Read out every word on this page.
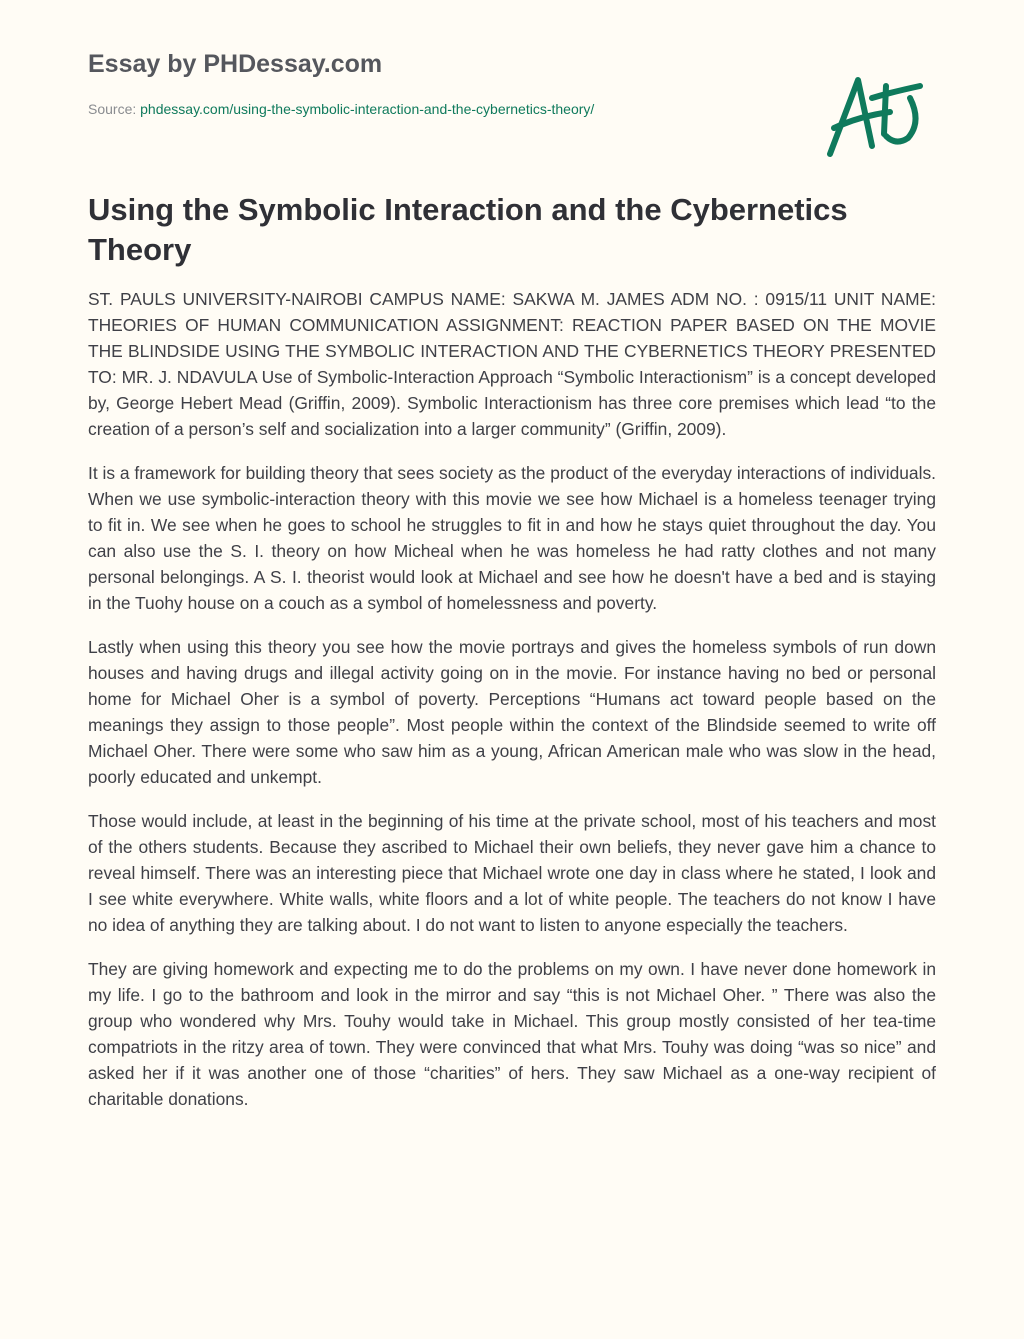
Essay by PHDessay.com
Source: phdessay.com/using-the-symbolic-interaction-and-the-cybernetics-theory/
Using the Symbolic Interaction and the Cybernetics Theory

ST. PAULS UNIVERSITY-NAIROBI CAMPUS NAME: SAKWA M. JAMES ADM NO. : 0915/11 UNIT NAME: THEORIES OF HUMAN COMMUNICATION ASSIGNMENT: REACTION PAPER BASED ON THE MOVIE THE BLINDSIDE USING THE SYMBOLIC INTERACTION AND THE CYBERNETICS THEORY PRESENTED TO: MR. J. NDAVULA Use of Symbolic-Interaction Approach “Symbolic Interactionism” is a concept developed by, George Hebert Mead (Griffin, 2009). Symbolic Interactionism has three core premises which lead “to the creation of a person’s self and socialization into a larger community” (Griffin, 2009).

It is a framework for building theory that sees society as the product of the everyday interactions of individuals. When we use symbolic-interaction theory with this movie we see how Michael is a homeless teenager trying to fit in. We see when he goes to school he struggles to fit in and how he stays quiet throughout the day. You can also use the S. I. theory on how Micheal when he was homeless he had ratty clothes and not many personal belongings. A S. I. theorist would look at Michael and see how he doesn't have a bed and is staying in the Tuohy house on a couch as a symbol of homelessness and poverty.

Lastly when using this theory you see how the movie portrays and gives the homeless symbols of run down houses and having drugs and illegal activity going on in the movie. For instance having no bed or personal home for Michael Oher is a symbol of poverty. Perceptions “Humans act toward people based on the meanings they assign to those people”. Most people within the context of the Blindside seemed to write off Michael Oher. There were some who saw him as a young, African American male who was slow in the head, poorly educated and unkempt.

Those would include, at least in the beginning of his time at the private school, most of his teachers and most of the others students. Because they ascribed to Michael their own beliefs, they never gave him a chance to reveal himself. There was an interesting piece that Michael wrote one day in class where he stated, I look and I see white everywhere. White walls, white floors and a lot of white people. The teachers do not know I have no idea of anything they are talking about. I do not want to listen to anyone especially the teachers.

They are giving homework and expecting me to do the problems on my own. I have never done homework in my life. I go to the bathroom and look in the mirror and say “this is not Michael Oher. ” There was also the group who wondered why Mrs. Touhy would take in Michael. This group mostly consisted of her tea-time compatriots in the ritzy area of town. They were convinced that what Mrs. Touhy was doing “was so nice” and asked her if it was another one of those “charities” of hers. They saw Michael as a one-way recipient of charitable donations.
